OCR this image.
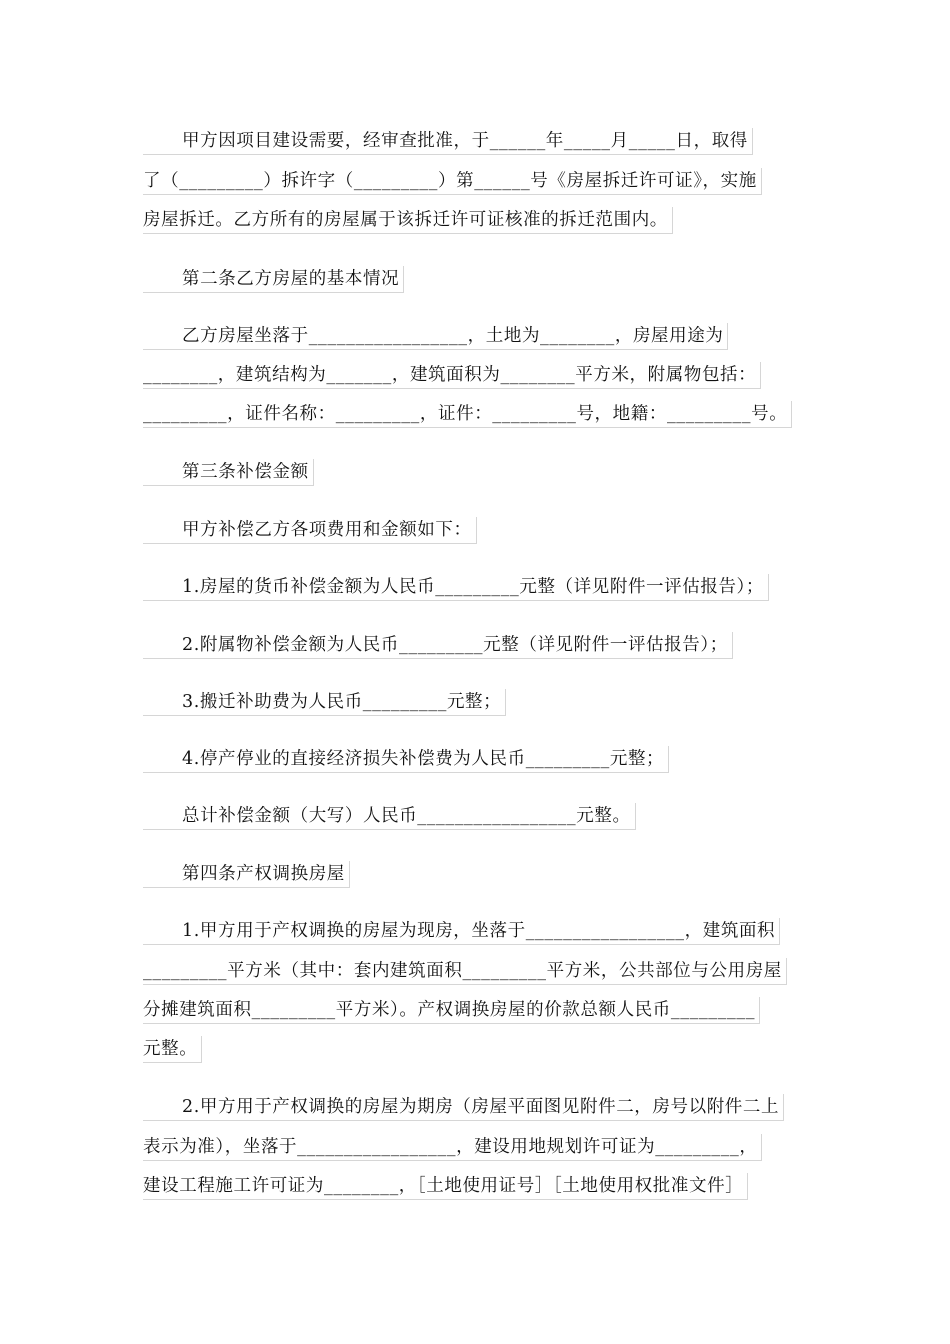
甲方因项目建设需要，经审查批准，于______年_____月_____日，取得
了（_________）拆许字（_________）第______号《房屋拆迁许可证》，实施
房屋拆迁。乙方所有的房屋属于该拆迁许可证核准的拆迁范围内。
第二条乙方房屋的基本情况
乙方房屋坐落于_________________，土地为________，房屋用途为
________，建筑结构为_______，建筑面积为________平方米，附属物包括：
_________，证件名称：_________，证件：_________号，地籍：_________号。
第三条补偿金额
甲方补偿乙方各项费用和金额如下：
1.房屋的货币补偿金额为人民币_________元整（详见附件一评估报告）；
2.附属物补偿金额为人民币_________元整（详见附件一评估报告）；
3.搬迁补助费为人民币_________元整；
4.停产停业的直接经济损失补偿费为人民币_________元整；
总计补偿金额（大写）人民币_________________元整。
第四条产权调换房屋
1.甲方用于产权调换的房屋为现房，坐落于_________________，建筑面积
_________平方米（其中：套内建筑面积_________平方米，公共部位与公用房屋
分摊建筑面积_________平方米）。产权调换房屋的价款总额人民币_________
元整。
2.甲方用于产权调换的房屋为期房（房屋平面图见附件二，房号以附件二上
表示为准），坐落于_________________，建设用地规划许可证为_________，
建设工程施工许可证为________，［土地使用证号］［土地使用权批准文件］
